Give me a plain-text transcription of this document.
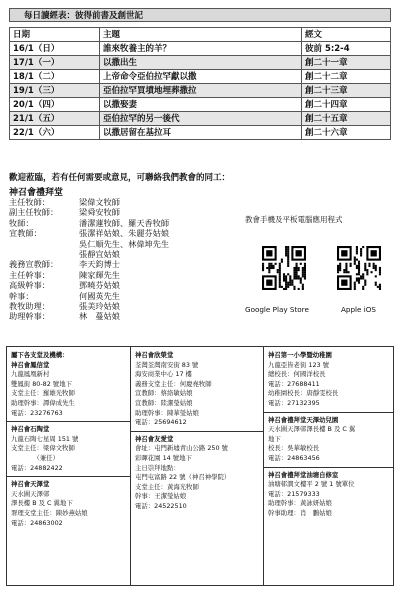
每日讀經表：彼得前書及創世記
日期	主題	經文
16/1（日）	誰來牧養主的羊？	彼前 5:2-4
17/1（一）	以撒出生	創二十一章
18/1（二）	上帝命令亞伯拉罕獻以撒	創二十二章
19/1（三）	亞伯拉罕買墳地埋葬撒拉	創二十三章
20/1（四）	以撒娶妻	創二十四章
21/1（五）	亞伯拉罕的另一後代	創二十五章
22/1（六）	以撒居留在基拉耳	創二十六章
歡迎蒞臨，若有任何需要或意見，可聯絡我們教會的同工：
神召會禮拜堂
主任牧師：	梁偉文牧師
副主任牧師：	梁舜安牧師
牧師：	潘潔蓮牧師、羅天香牧師
宣教師：	張潔祥姑娘、朱麗芬姑娘
吳仁順先生、林偉坤先生
張靜宜姑娘
義務宣教師：	李天鈞博士
主任幹事：	陳家輝先生
高級幹事：	鄧曉芬姑娘
幹事：	何國英先生
教牧助理：	張美玲姑娘
助理幹事：	林　蔓姑娘
教會手機及平板電腦應用程式
Google Play Store	Apple iOS
屬下各支堂及機構：
神召會鳳信堂
九龍鳳凰新村
雙鳳街 80-82 號地下
支堂主任：羅雄光牧師
助理幹事：譚偉成先生
電話：23276763
神召會石陶堂
九龍石陶七星周 151 號
支堂主任：梁偉文牧師
　　　　（兼任）
電話：24882422
神召會天澤堂
天水圍天澤邨
澤長樓 B 及 C 翼地下
署理支堂主任：陳妙燕姑娘
電話：24863002
神召會欣榮堂
荃灣荃灣南安街 83 號
海安商業中心 17 樓
義務支堂主任：何慶堯牧師
宣教師：蔡絡敏姑娘
宣教師：陸潔瑩姑娘
助理幹事：陳華瑩姑娘
電話：25694612
神召會友愛堂
會址：屯門新墟青山公路 250 號
彩暉花園 14 號地下
主日崇拜地點：
屯門屯富路 22 號（神召神學院）
支堂主任：黃海光牧師
幹事：王潔瑩姑娘
電話：24522510
神召第一小學暨幼稚園
九龍亞皆老街 123 號
總校長：何國洋校長
電話：27688411
幼稚園校長：唐靜雯校長
電話：27132395
神召會禮拜堂天澤幼兒園
天水圍天澤邨澤長樓 B 及 C 翼
地下
校長：吳華敏校長
電話：24863456
神召會禮拜堂油塘自修室
油塘邨潤文樓平 2 號 1 號單位
電話：21579333
助理幹事：黃詠妍姑娘
幹事助理：肖　鵬姑娘
